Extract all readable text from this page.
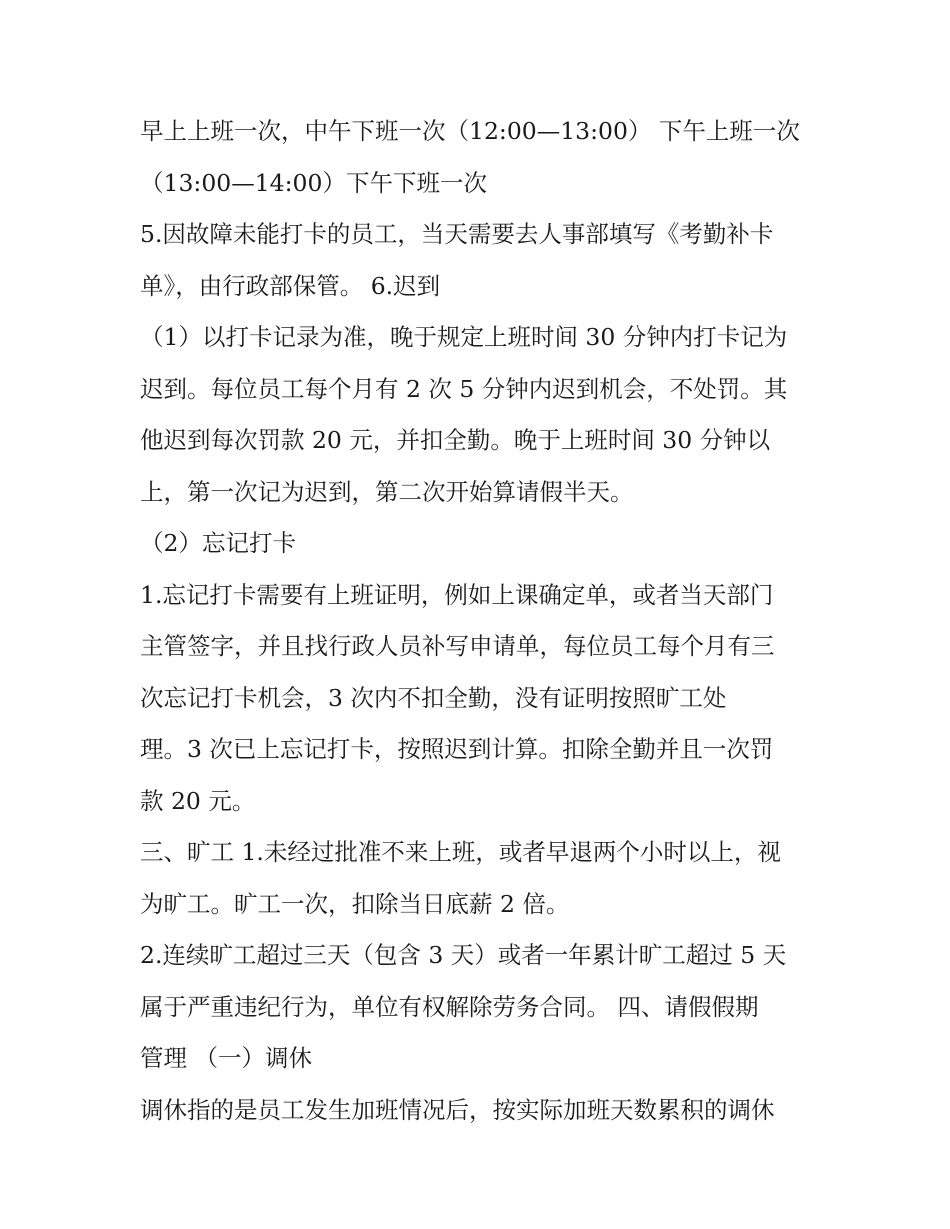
早上上班一次，中午下班一次（12:00—13:00） 下午上班一次
（13:00—14:00）下午下班一次
5.因故障未能打卡的员工，当天需要去人事部填写《考勤补卡
单》，由行政部保管。 6.迟到
（1）以打卡记录为准，晚于规定上班时间 30 分钟内打卡记为
迟到。每位员工每个月有 2 次 5 分钟内迟到机会，不处罚。其
他迟到每次罚款 20 元，并扣全勤。晚于上班时间 30 分钟以
上，第一次记为迟到，第二次开始算请假半天。
（2）忘记打卡
1.忘记打卡需要有上班证明，例如上课确定单，或者当天部门
主管签字，并且找行政人员补写申请单，每位员工每个月有三
次忘记打卡机会，3 次内不扣全勤，没有证明按照旷工处
理。3 次已上忘记打卡，按照迟到计算。扣除全勤并且一次罚
款 20 元。
三、旷工 1.未经过批准不来上班，或者早退两个小时以上，视
为旷工。旷工一次，扣除当日底薪 2 倍。
2.连续旷工超过三天（包含 3 天）或者一年累计旷工超过 5 天
属于严重违纪行为，单位有权解除劳务合同。 四、请假假期
管理 （一）调休
调休指的是员工发生加班情况后，按实际加班天数累积的调休
